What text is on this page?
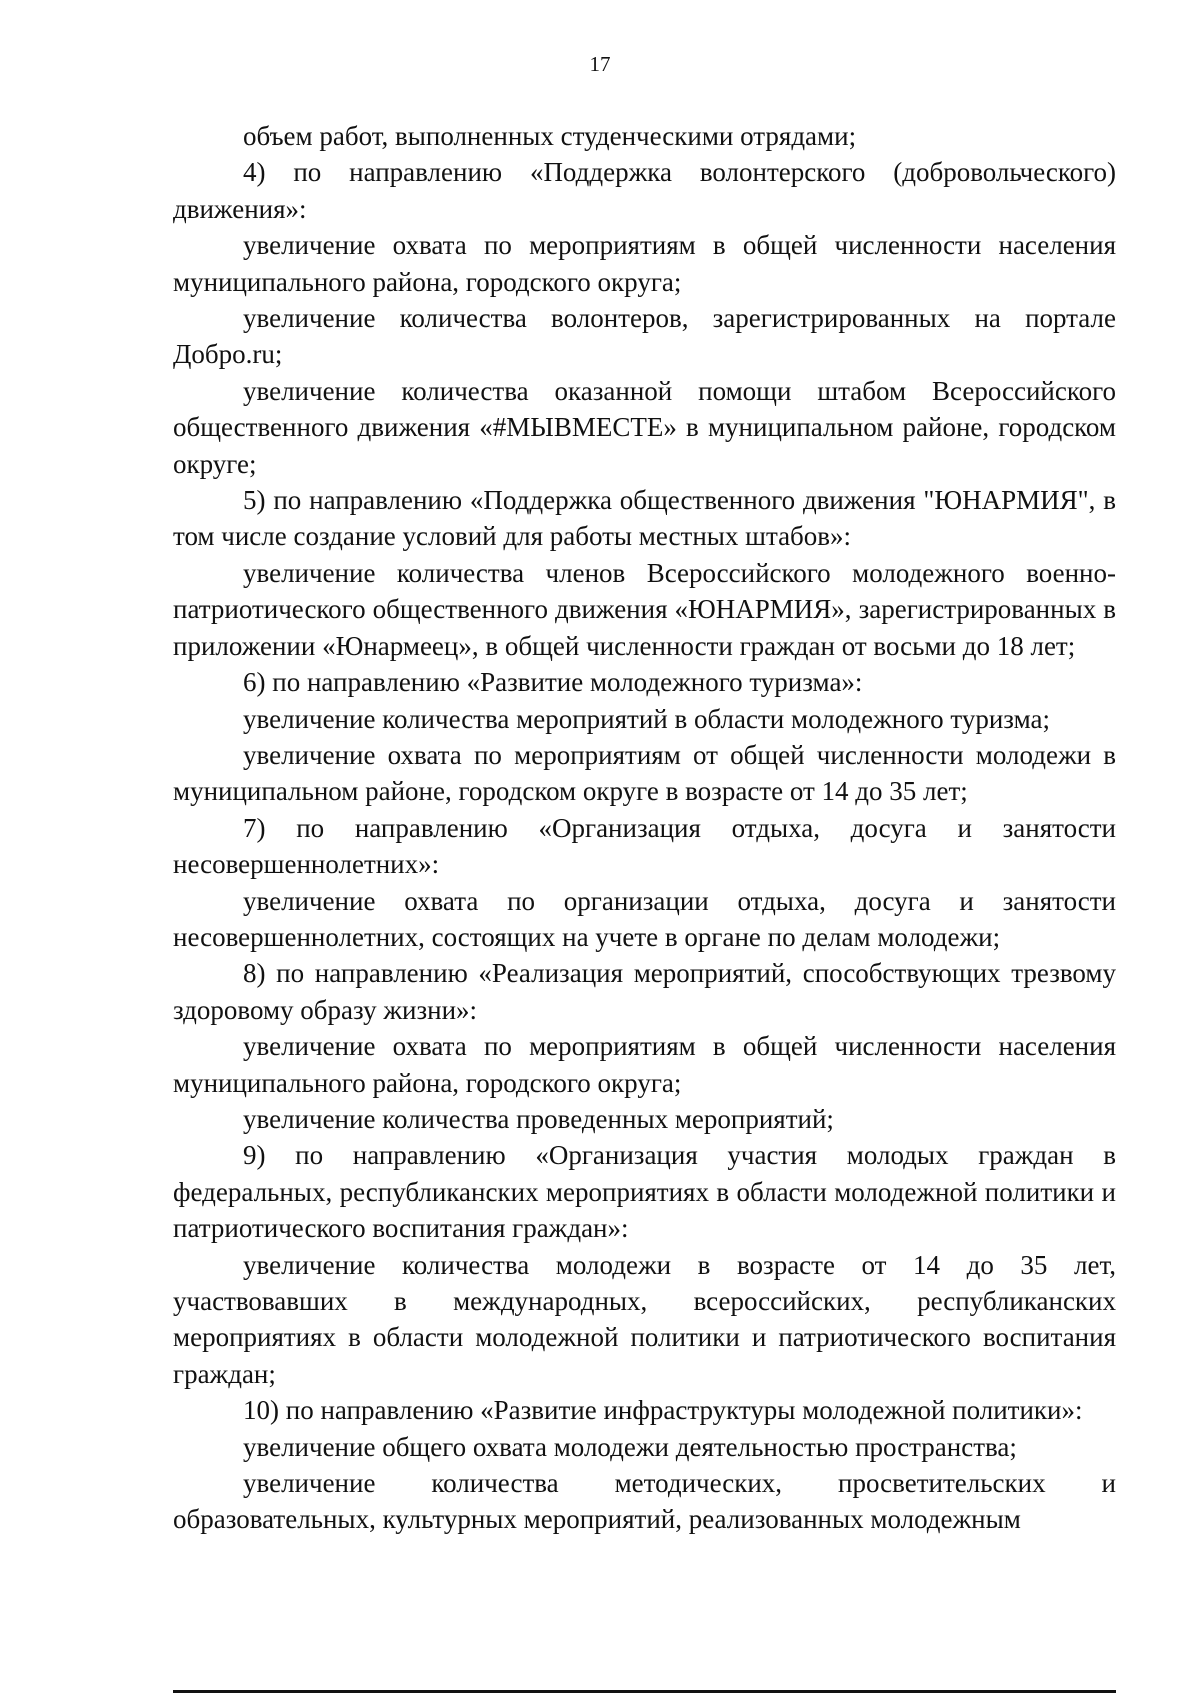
17

объем работ, выполненных студенческими отрядами;

4) по направлению «Поддержка волонтерского (добровольческого) движения»:

увеличение охвата по мероприятиям в общей численности населения муниципального района, городского округа;

увеличение количества волонтеров, зарегистрированных на портале Добро.ru;

увеличение количества оказанной помощи штабом Всероссийского общественного движения «#МЫВМЕСТЕ» в муниципальном районе, городском округе;

5) по направлению «Поддержка общественного движения "ЮНАРМИЯ", в том числе создание условий для работы местных штабов»:

увеличение количества членов Всероссийского молодежного военно-патриотического общественного движения «ЮНАРМИЯ», зарегистрированных в приложении «Юнармеец», в общей численности граждан от восьми до 18 лет;

6) по направлению «Развитие молодежного туризма»:

увеличение количества мероприятий в области молодежного туризма;

увеличение охвата по мероприятиям от общей численности молодежи в муниципальном районе, городском округе в возрасте от 14 до 35 лет;

7) по направлению «Организация отдыха, досуга и занятости несовершеннолетних»:

увеличение охвата по организации отдыха, досуга и занятости несовершеннолетних, состоящих на учете в органе по делам молодежи;

8) по направлению «Реализация мероприятий, способствующих трезвому здоровому образу жизни»:

увеличение охвата по мероприятиям в общей численности населения муниципального района, городского округа;

увеличение количества проведенных мероприятий;

9) по направлению «Организация участия молодых граждан в федеральных, республиканских мероприятиях в области молодежной политики и патриотического воспитания граждан»:

увеличение количества молодежи в возрасте от 14 до 35 лет, участвовавших в международных, всероссийских, республиканских мероприятиях в области молодежной политики и патриотического воспитания граждан;

10) по направлению «Развитие инфраструктуры молодежной политики»:

увеличение общего охвата молодежи деятельностью пространства;

увеличение количества методических, просветительских и образовательных, культурных мероприятий, реализованных молодежным
